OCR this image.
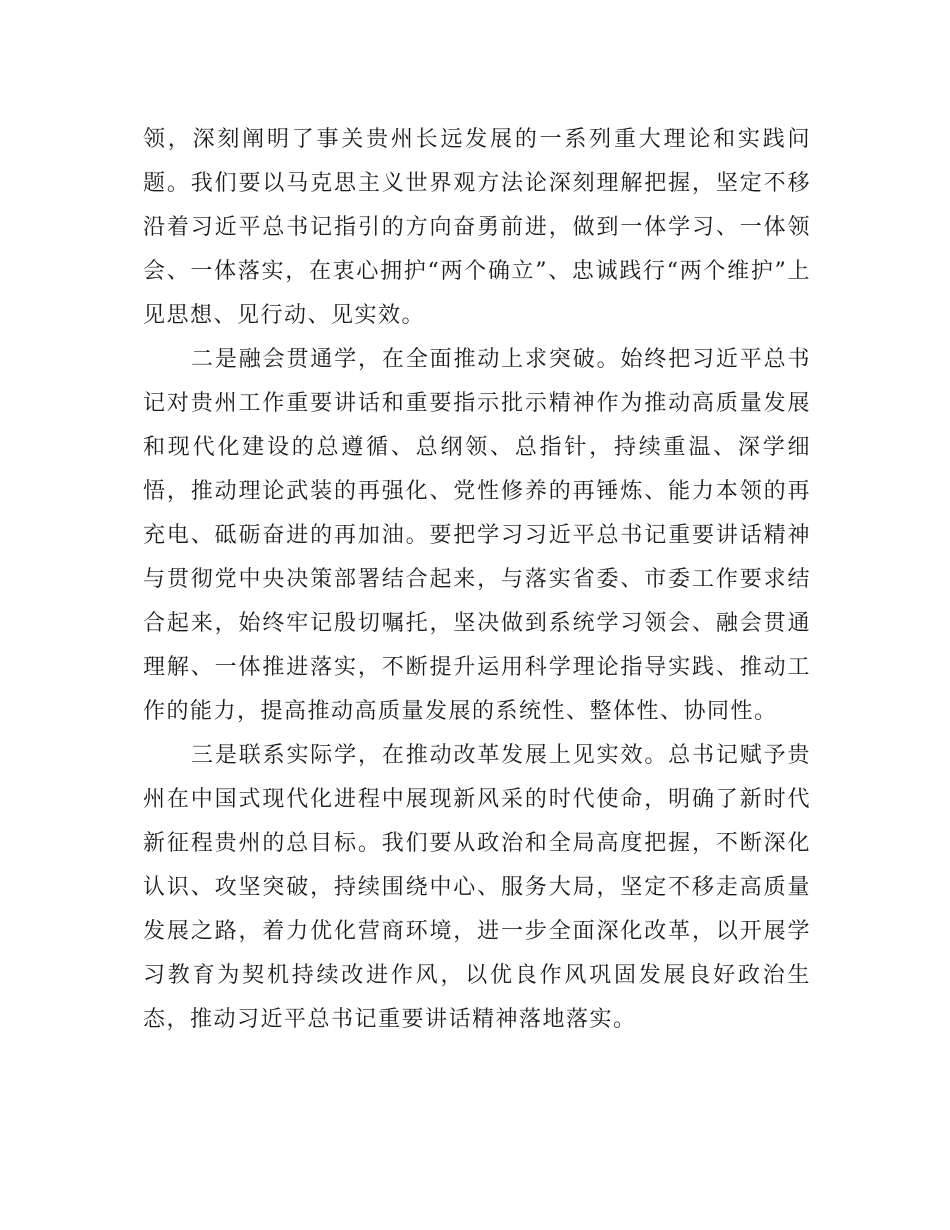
领，深刻阐明了事关贵州长远发展的一系列重大理论和实践问题。我们要以马克思主义世界观方法论深刻理解把握，坚定不移沿着习近平总书记指引的方向奋勇前进，做到一体学习、一体领会、一体落实，在衷心拥护“两个确立”、忠诚践行“两个维护”上见思想、见行动、见实效。

二是融会贯通学，在全面推动上求突破。始终把习近平总书记对贵州工作重要讲话和重要指示批示精神作为推动高质量发展和现代化建设的总遵循、总纲领、总指针，持续重温、深学细悟，推动理论武装的再强化、党性修养的再锤炼、能力本领的再充电、砥砺奋进的再加油。要把学习习近平总书记重要讲话精神与贯彻党中央决策部署结合起来，与落实省委、市委工作要求结合起来，始终牢记殷切嘱托，坚决做到系统学习领会、融会贯通理解、一体推进落实，不断提升运用科学理论指导实践、推动工作的能力，提高推动高质量发展的系统性、整体性、协同性。

三是联系实际学，在推动改革发展上见实效。总书记赋予贵州在中国式现代化进程中展现新风采的时代使命，明确了新时代新征程贵州的总目标。我们要从政治和全局高度把握，不断深化认识、攻坚突破，持续围绕中心、服务大局，坚定不移走高质量发展之路，着力优化营商环境，进一步全面深化改革，以开展学习教育为契机持续改进作风，以优良作风巩固发展良好政治生态，推动习近平总书记重要讲话精神落地落实。
